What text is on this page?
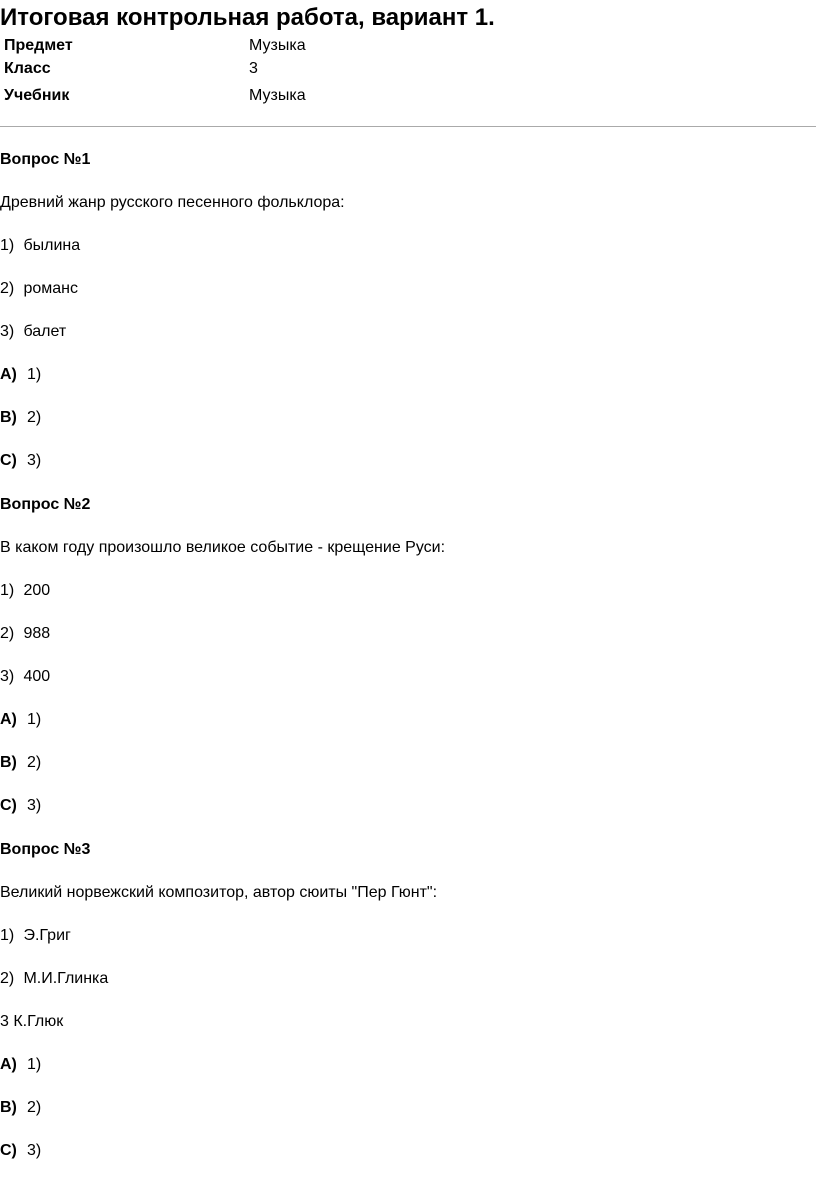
Итоговая контрольная работа, вариант 1.
Предмет	Музыка
Класс	3
Учебник	Музыка
Вопрос №1
Древний жанр русского песенного фольклора:
1) былина
2) романс
3) балет
A) 1)
B) 2)
C) 3)
Вопрос №2
В каком году произошло великое событие - крещение Руси:
1) 200
2) 988
3) 400
A) 1)
B) 2)
C) 3)
Вопрос №3
Великий норвежский композитор, автор сюиты "Пер Гюнт":
1) Э.Григ
2) М.И.Глинка
3 К.Глюк
A) 1)
B) 2)
C) 3)
